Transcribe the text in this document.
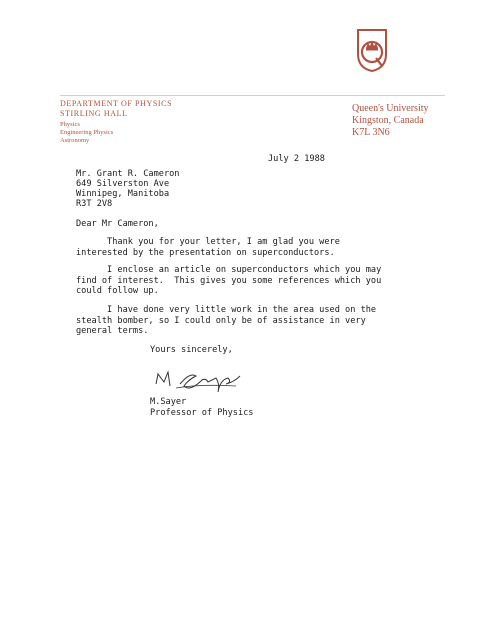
DEPARTMENT OF PHYSICS
STIRLING HALL
Physics
Engineering Physics
Astronomy
Queen's University
Kingston, Canada
K7L 3N6
July 2 1988
Mr. Grant R. Cameron
649 Silverston Ave
Winnipeg, Manitoba
R3T 2V8
Dear Mr Cameron,
Thank you for your letter, I am glad you were
interested by the presentation on superconductors.
I enclose an article on superconductors which you may
find of interest.  This gives you some references which you
could follow up.
I have done very little work in the area used on the
stealth bomber, so I could only be of assistance in very
general terms.
Yours sincerely,
M.Sayer
Professor of Physics
